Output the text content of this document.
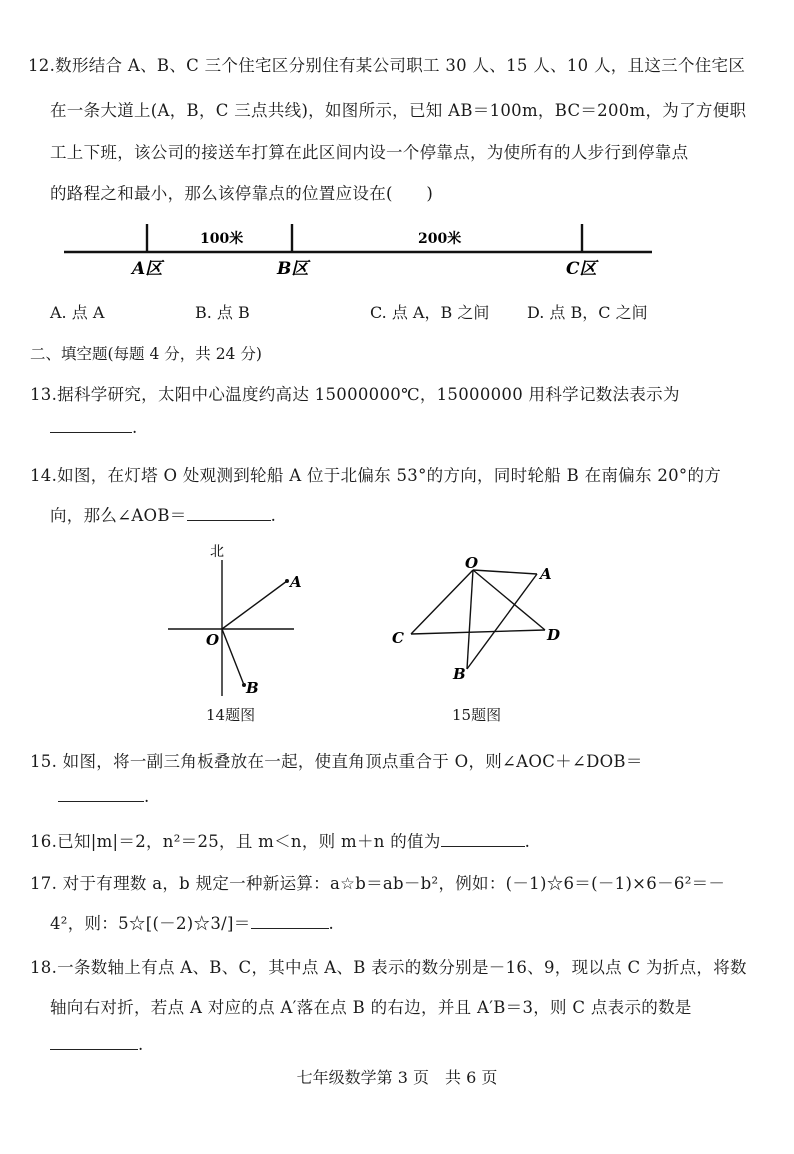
12.数形结合 A、B、C 三个住宅区分别住有某公司职工 30 人、15 人、10 人，且这三个住宅区
在一条大道上(A，B，C 三点共线)，如图所示，已知 AB＝100m，BC＝200m，为了方便职
工上下班，该公司的接送车打算在此区间内设一个停靠点，为使所有的人步行到停靠点
的路程之和最小，那么该停靠点的位置应设在(　　)
100米	200米
A区	B区	C区
A. 点 A	B. 点 B	C. 点 A，B 之间 D. 点 B，C 之间
二、填空题(每题 4 分，共 24 分)
13.据科学研究，太阳中心温度约高达 15000000℃，15000000 用科学记数法表示为
.
14.如图，在灯塔 O 处观测到轮船 A 位于北偏东 53°的方向，同时轮船 B 在南偏东 20°的方
向，那么∠AOB＝	.
北
O
A
B
14题图
O
A
C	D
B
15题图
15. 如图，将一副三角板叠放在一起，使直角顶点重合于 O，则∠AOC＋∠DOB＝
.
16.已知|m|＝2，n²＝25，且 m＜n，则 m＋n 的值为	.
17. 对于有理数 a，b 规定一种新运算：a☆b＝ab－b²，例如：(－1)☆6＝(－1)×6－6²＝－
4²，则：5☆[(－2)☆3/]＝	.
18.一条数轴上有点 A、B、C，其中点 A、B 表示的数分别是－16、9，现以点 C 为折点，将数
轴向右对折，若点 A 对应的点 A′落在点 B 的右边，并且 A′B＝3，则 C 点表示的数是
.
七年级数学第 3 页　共 6 页
